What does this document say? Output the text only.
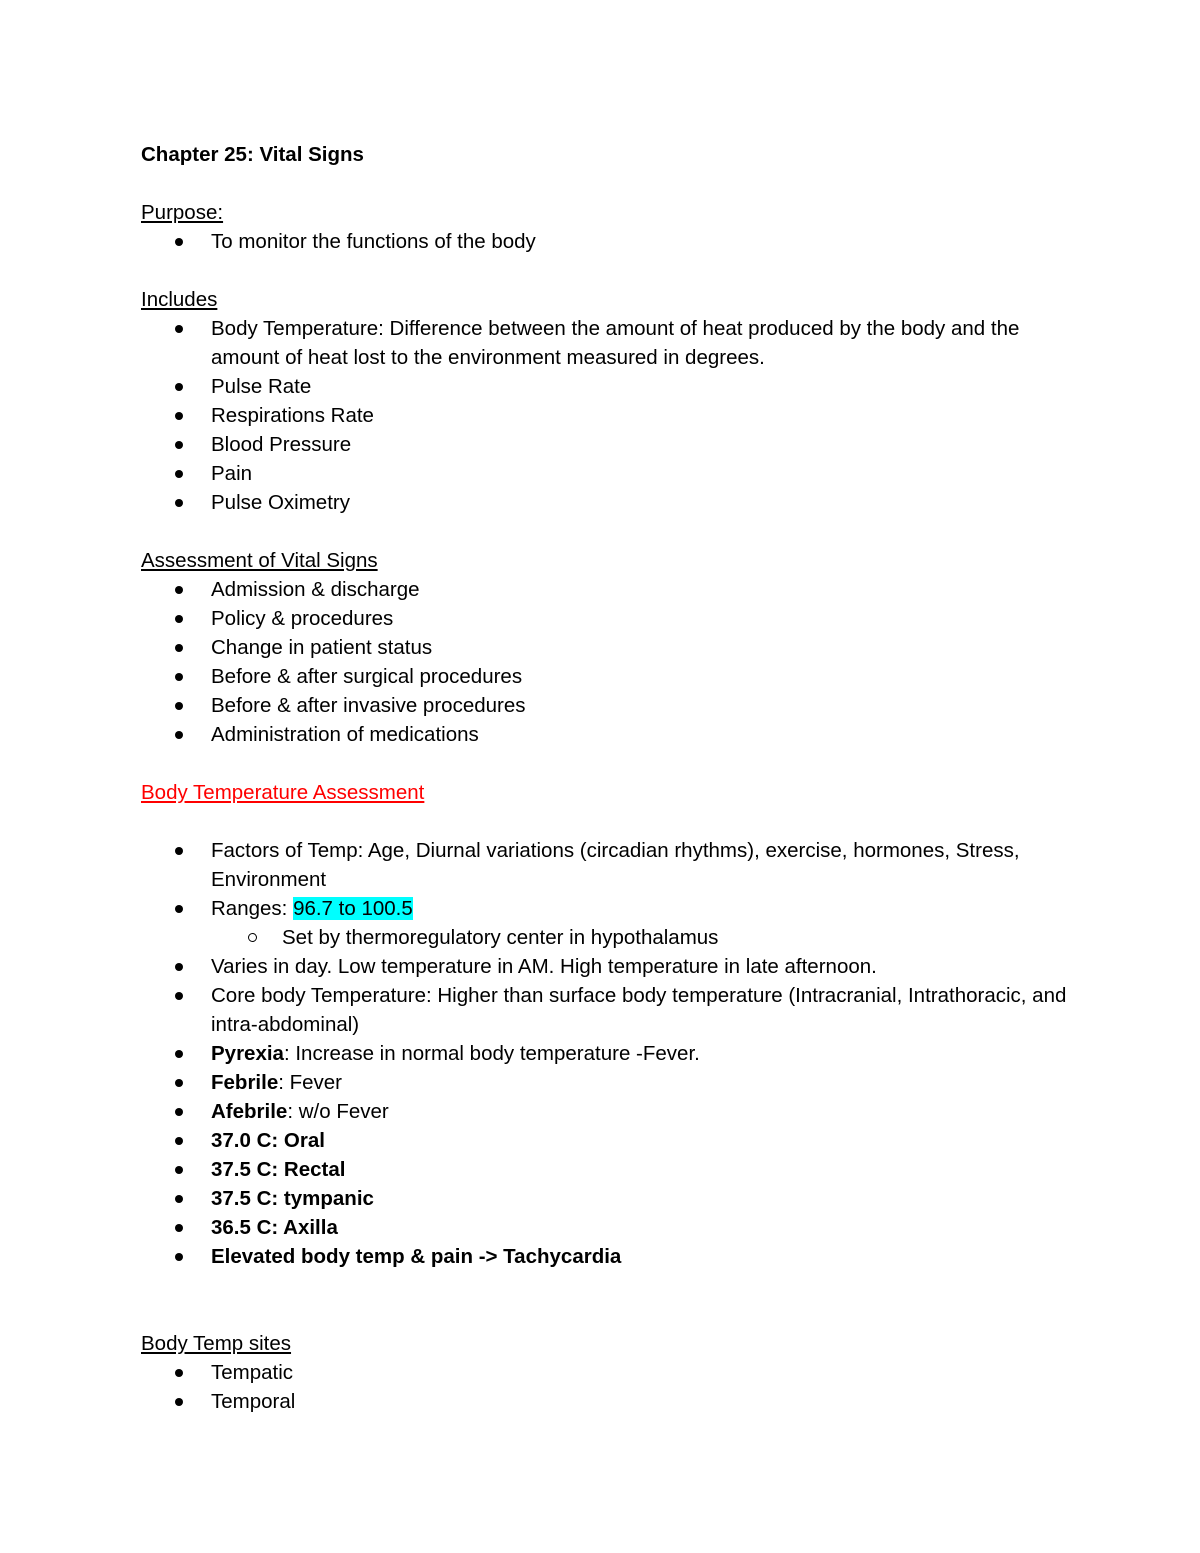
Chapter 25: Vital Signs
Purpose:
To monitor the functions of the body
Includes
Body Temperature: Difference between the amount of heat produced by the body and the amount of heat lost to the environment measured in degrees.
Pulse Rate
Respirations Rate
Blood Pressure
Pain
Pulse Oximetry
Assessment of Vital Signs
Admission & discharge
Policy & procedures
Change in patient status
Before & after surgical procedures
Before & after invasive procedures
Administration of medications
Body Temperature Assessment
Factors of Temp: Age, Diurnal variations (circadian rhythms), exercise, hormones, Stress, Environment
Ranges: 96.7 to 100.5
Set by thermoregulatory center in hypothalamus
Varies in day. Low temperature in AM. High temperature in late afternoon.
Core body Temperature: Higher than surface body temperature (Intracranial, Intrathoracic, and intra-abdominal)
Pyrexia: Increase in normal body temperature -Fever.
Febrile: Fever
Afebrile: w/o Fever
37.0 C: Oral
37.5 C: Rectal
37.5 C: tympanic
36.5 C: Axilla
Elevated body temp & pain -> Tachycardia
Body Temp sites
Tempatic
Temporal
